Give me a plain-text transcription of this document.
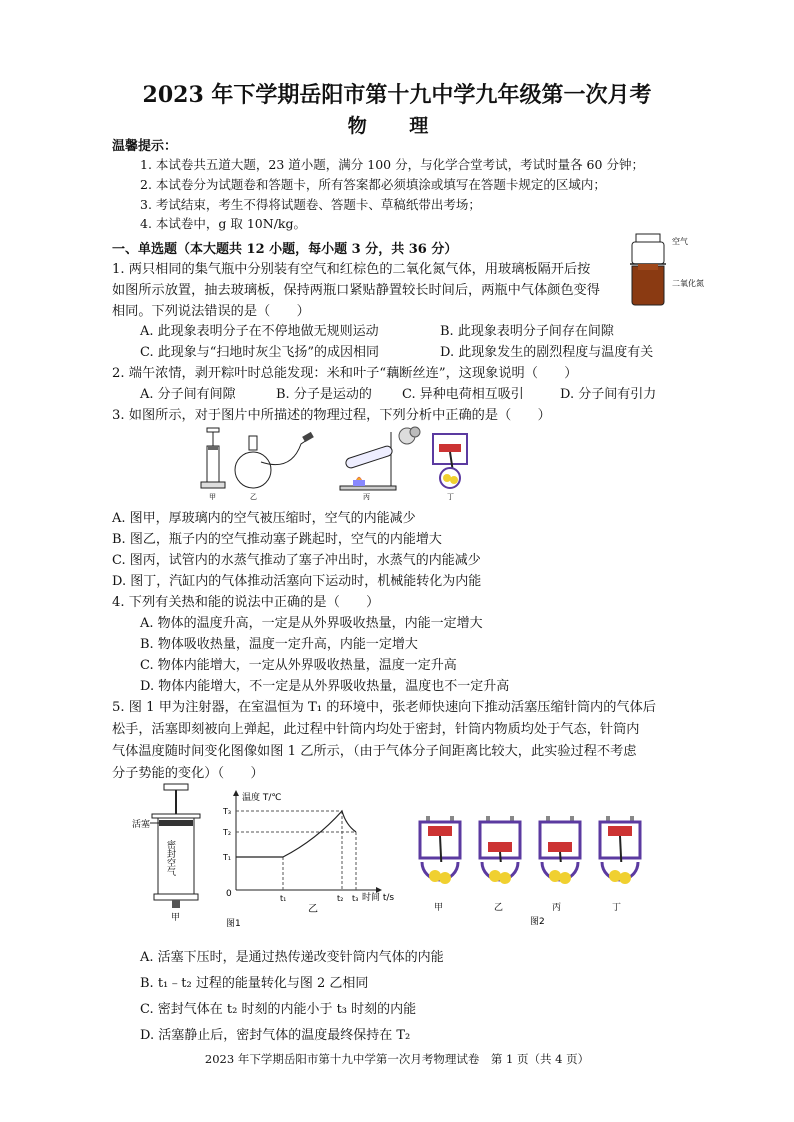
2023 年下学期岳阳市第十九中学九年级第一次月考
物 理
温馨提示：
1. 本试卷共五道大题，23 道小题，满分 100 分，与化学合堂考试，考试时量各 60 分钟；
2. 本试卷分为试题卷和答题卡，所有答案都必须填涂或填写在答题卡规定的区域内；
3. 考试结束，考生不得将试题卷、答题卡、草稿纸带出考场；
4. 本试卷中，g 取 10N/kg。
一、单选题（本大题共 12 小题，每小题 3 分，共 36 分）
1. 两只相同的集气瓶中分别装有空气和红棕色的二氧化氮气体，用玻璃板隔开后按
如图所示放置，抽去玻璃板，保持两瓶口紧贴静置较长时间后，两瓶中气体颜色变得
相同。下列说法错误的是（　　）
空气
二氧化氮
A. 此现象表明分子在不停地做无规则运动	B. 此现象表明分子间存在间隙
C. 此现象与“扫地时灰尘飞扬”的成因相同	D. 此现象发生的剧烈程度与温度有关
2. 端午浓情，剥开粽叶时总能发现：米和叶子“藕断丝连”，这现象说明（　　）
A. 分子间有间隙	B. 分子是运动的 C. 异种电荷相互吸引	D. 分子间有引力
3. 如图所示，对于图片中所描述的物理过程，下列分析中正确的是（　　）
甲	乙	丙	丁
A. 图甲，厚玻璃内的空气被压缩时，空气的内能减少
B. 图乙，瓶子内的空气推动塞子跳起时，空气的内能增大
C. 图丙，试管内的水蒸气推动了塞子冲出时，水蒸气的内能减少
D. 图丁，汽缸内的气体推动活塞向下运动时，机械能转化为内能
4. 下列有关热和能的说法中正确的是（　　）
A. 物体的温度升高，一定是从外界吸收热量，内能一定增大
B. 物体吸收热量，温度一定升高，内能一定增大
C. 物体内能增大，一定从外界吸收热量，温度一定升高
D. 物体内能增大，不一定是从外界吸收热量，温度也不一定升高
5. 图 1 甲为注射器，在室温恒为 T₁ 的环境中，张老师快速向下推动活塞压缩针筒内的气体后
松手，活塞即刻被向上弹起，此过程中针筒内均处于密封，针筒内物质均处于气态，针筒内
气体温度随时间变化图像如图 1 乙所示，（由于气体分子间距离比较大，此实验过程不考虑
分子势能的变化）（　　）
活塞
密封空气
甲
图1
0
温度 T/℃
时间 t/s
T₃
T₂
T₁
t₁	t₂ t₃
乙	甲	乙	丙	丁
图2
A. 活塞下压时，是通过热传递改变针筒内气体的内能
B. t₁﹣t₂ 过程的能量转化与图 2 乙相同
C. 密封气体在 t₂ 时刻的内能小于 t₃ 时刻的内能
D. 活塞静止后，密封气体的温度最终保持在 T₂
2023 年下学期岳阳市第十九中学第一次月考物理试卷　第 1 页（共 4 页）
